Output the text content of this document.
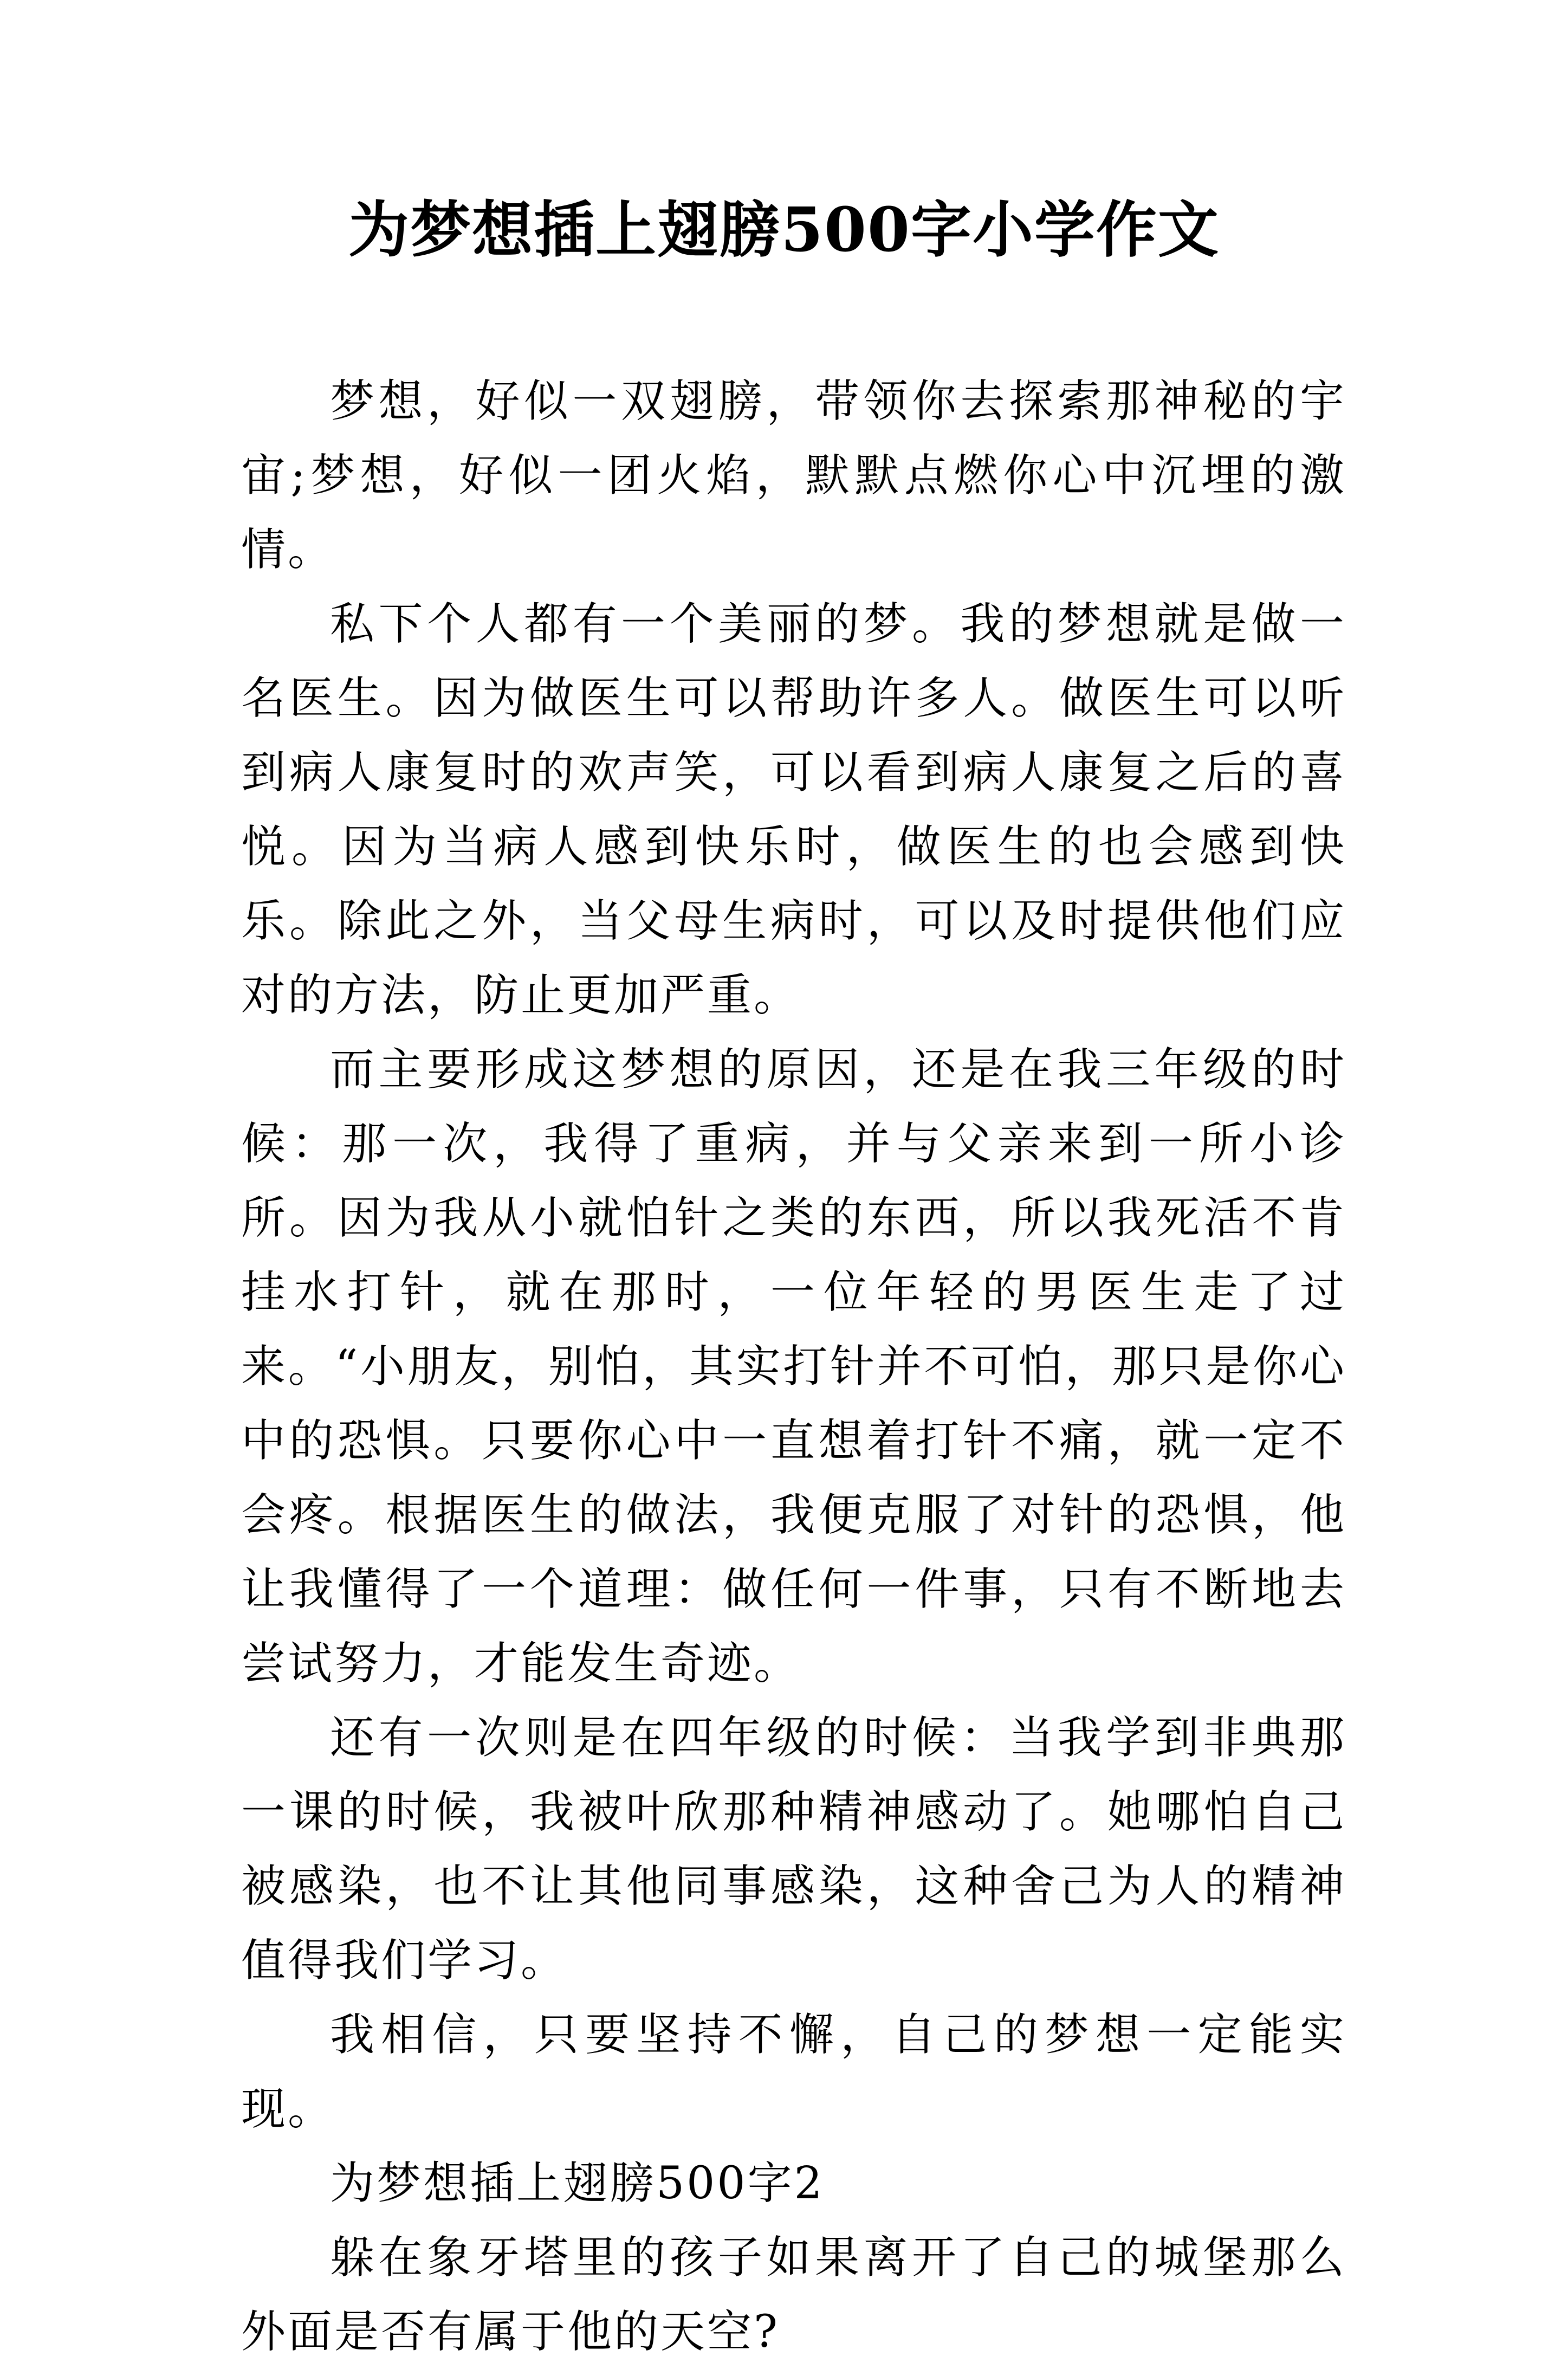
为梦想插上翅膀500字小学作文

梦想，好似一双翅膀，带领你去探索那神秘的宇宙;梦想，好似一团火焰，默默点燃你心中沉埋的激情。

私下个人都有一个美丽的梦。我的梦想就是做一名医生。因为做医生可以帮助许多人。做医生可以听到病人康复时的欢声笑，可以看到病人康复之后的喜悦。因为当病人感到快乐时，做医生的也会感到快乐。除此之外，当父母生病时，可以及时提供他们应对的方法，防止更加严重。

而主要形成这梦想的原因，还是在我三年级的时候：那一次，我得了重病，并与父亲来到一所小诊所。因为我从小就怕针之类的东西，所以我死活不肯挂水打针，就在那时，一位年轻的男医生走了过来。“小朋友，别怕，其实打针并不可怕，那只是你心中的恐惧。只要你心中一直想着打针不痛，就一定不会疼。根据医生的做法，我便克服了对针的恐惧，他让我懂得了一个道理：做任何一件事，只有不断地去尝试努力，才能发生奇迹。

还有一次则是在四年级的时候：当我学到非典那一课的时候，我被叶欣那种精神感动了。她哪怕自己被感染，也不让其他同事感染，这种舍己为人的精神值得我们学习。

我相信，只要坚持不懈，自己的梦想一定能实现。

为梦想插上翅膀500字2

躲在象牙塔里的孩子如果离开了自己的城堡那么外面是否有属于他的天空?
